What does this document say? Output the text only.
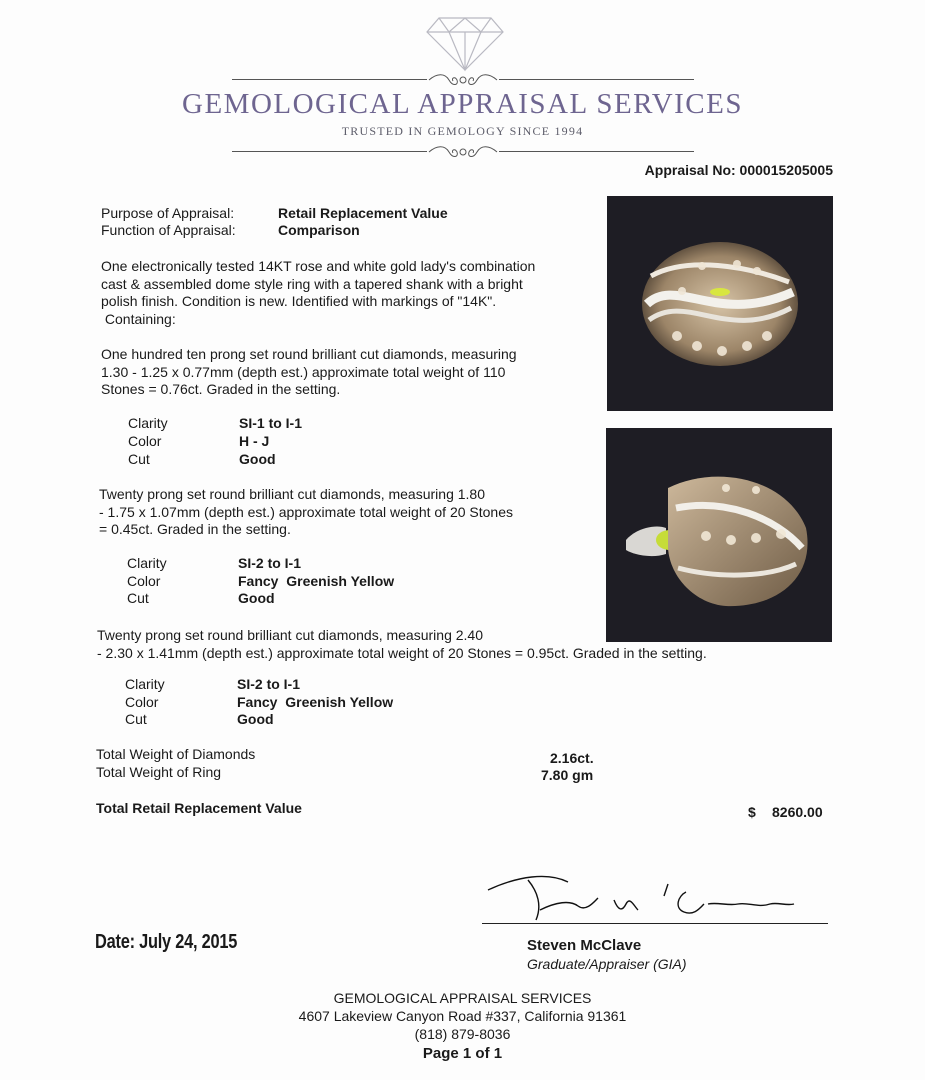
GEMOLOGICAL APPRAISAL SERVICES
TRUSTED IN GEMOLOGY SINCE 1994
Appraisal No: 000015205005
Purpose of Appraisal:	Retail Replacement Value
Function of Appraisal:	Comparison
One electronically tested 14KT rose and white gold lady's combination
cast & assembled dome style ring with a tapered shank with a bright
polish finish. Condition is new. Identified with markings of "14K".
Containing:
One hundred ten prong set round brilliant cut diamonds, measuring
1.30 - 1.25 x 0.77mm (depth est.) approximate total weight of 110
Stones = 0.76ct. Graded in the setting.
Clarity	SI-1 to I-1
Color	H - J
Cut	Good
Twenty prong set round brilliant cut diamonds, measuring 1.80
- 1.75 x 1.07mm (depth est.) approximate total weight of 20 Stones
= 0.45ct. Graded in the setting.
Clarity	SI-2 to I-1
Color	Fancy  Greenish Yellow
Cut	Good
Twenty prong set round brilliant cut diamonds, measuring 2.40
- 2.30 x 1.41mm (depth est.) approximate total weight of 20 Stones = 0.95ct. Graded in the setting.
Clarity	SI-2 to I-1
Color	Fancy  Greenish Yellow
Cut	Good
Total Weight of Diamonds	2.16ct.
Total Weight of Ring	7.80 gm
Total Retail Replacement Value	$ 8260.00
Date: July 24, 2015	Steven McClave
Graduate/Appraiser (GIA)
GEMOLOGICAL APPRAISAL SERVICES
4607 Lakeview Canyon Road #337, California 91361
(818) 879-8036
Page 1 of 1
